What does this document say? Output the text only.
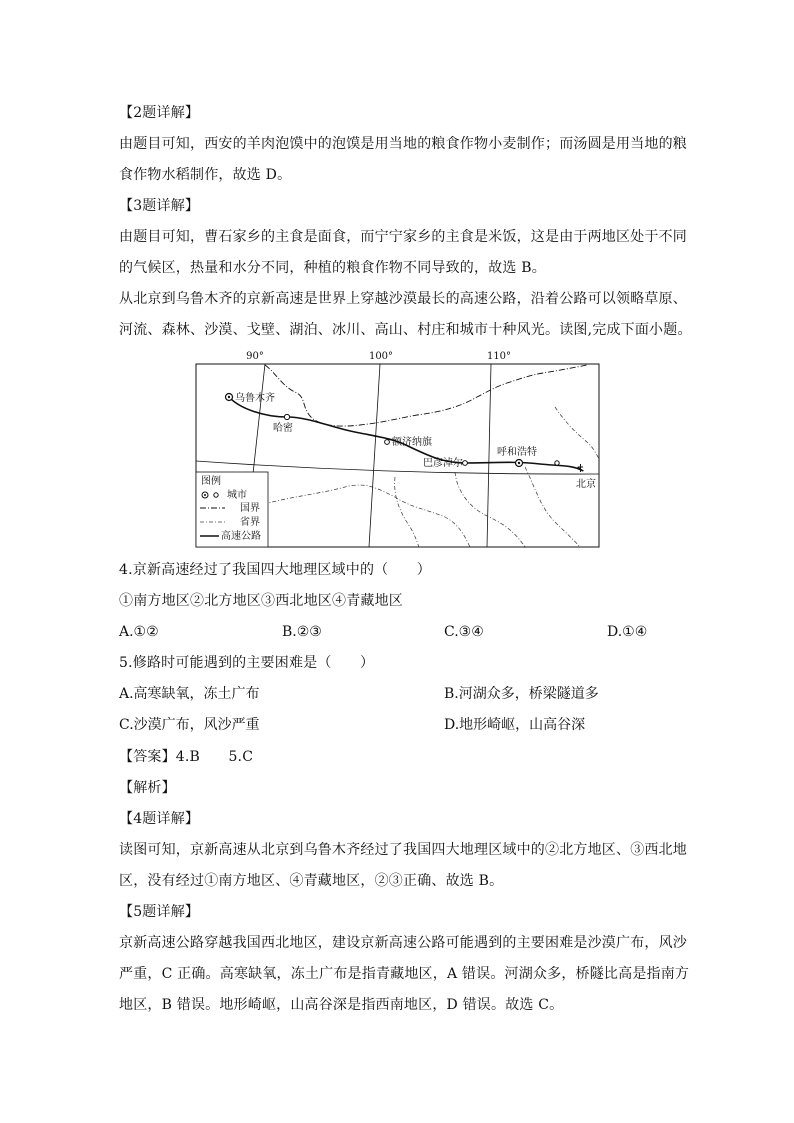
【2题详解】
由题目可知，西安的羊肉泡馍中的泡馍是用当地的粮食作物小麦制作；而汤圆是用当地的粮
食作物水稻制作，故选 D。
【3题详解】
由题目可知，曹石家乡的主食是面食，而宁宁家乡的主食是米饭，这是由于两地区处于不同
的气候区，热量和水分不同，种植的粮食作物不同导致的，故选 B。
从北京到乌鲁木齐的京新高速是世界上穿越沙漠最长的高速公路，沿着公路可以领略草原、
河流、森林、沙漠、戈壁、湖泊、冰川、高山、村庄和城市十种风光。读图,完成下面小题。
90°	100°	110°
乌鲁木齐
哈密
额济纳旗
巴彦淖尔
呼和浩特
北京
图例
城市
国界
省界
高速公路
4.京新高速经过了我国四大地理区域中的（　　）
①南方地区②北方地区③西北地区④青藏地区
A.①②	B.②③	C.③④	D.①④
5.修路时可能遇到的主要困难是（　　）
A.高寒缺氧，冻土广布	B.河湖众多，桥梁隧道多
C.沙漠广布，风沙严重	D.地形崎岖，山高谷深
【答案】4.B　　5.C
【解析】
【4题详解】
读图可知，京新高速从北京到乌鲁木齐经过了我国四大地理区域中的②北方地区、③西北地
区，没有经过①南方地区、④青藏地区，②③正确、故选 B。
【5题详解】
京新高速公路穿越我国西北地区，建设京新高速公路可能遇到的主要困难是沙漠广布，风沙
严重，C 正确。高寒缺氧，冻土广布是指青藏地区，A 错误。河湖众多，桥隧比高是指南方
地区，B 错误。地形崎岖，山高谷深是指西南地区，D 错误。故选 C。
